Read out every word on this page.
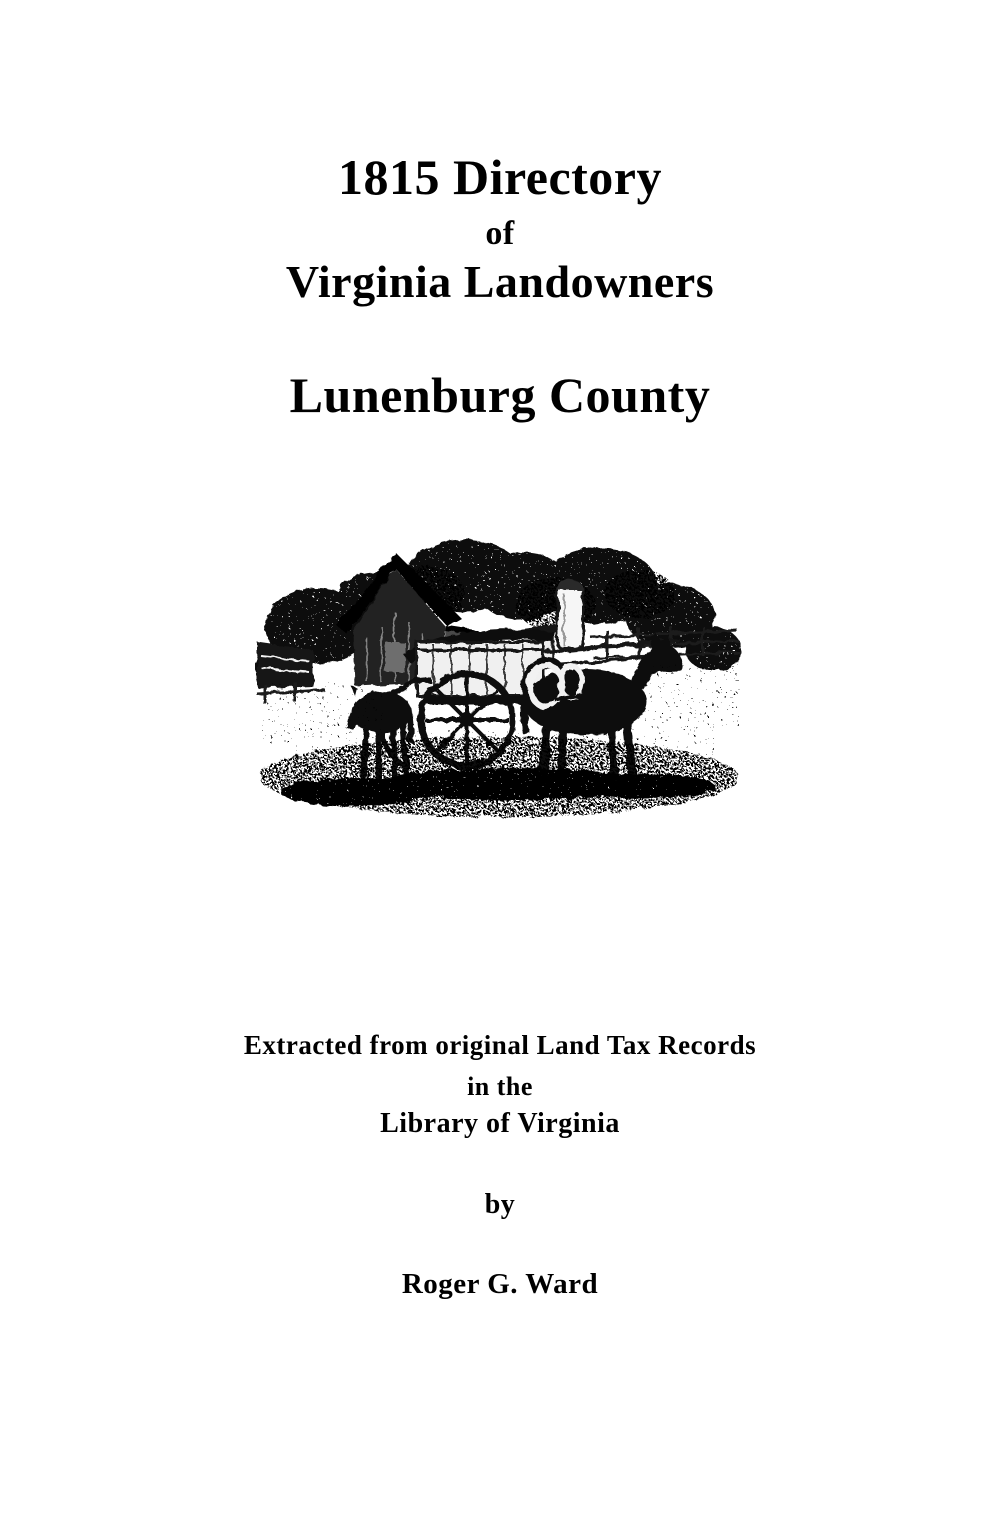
1815 Directory
of
Virginia Landowners
Lunenburg County
Extracted from original Land Tax Records
in the
Library of Virginia
by
Roger G. Ward
